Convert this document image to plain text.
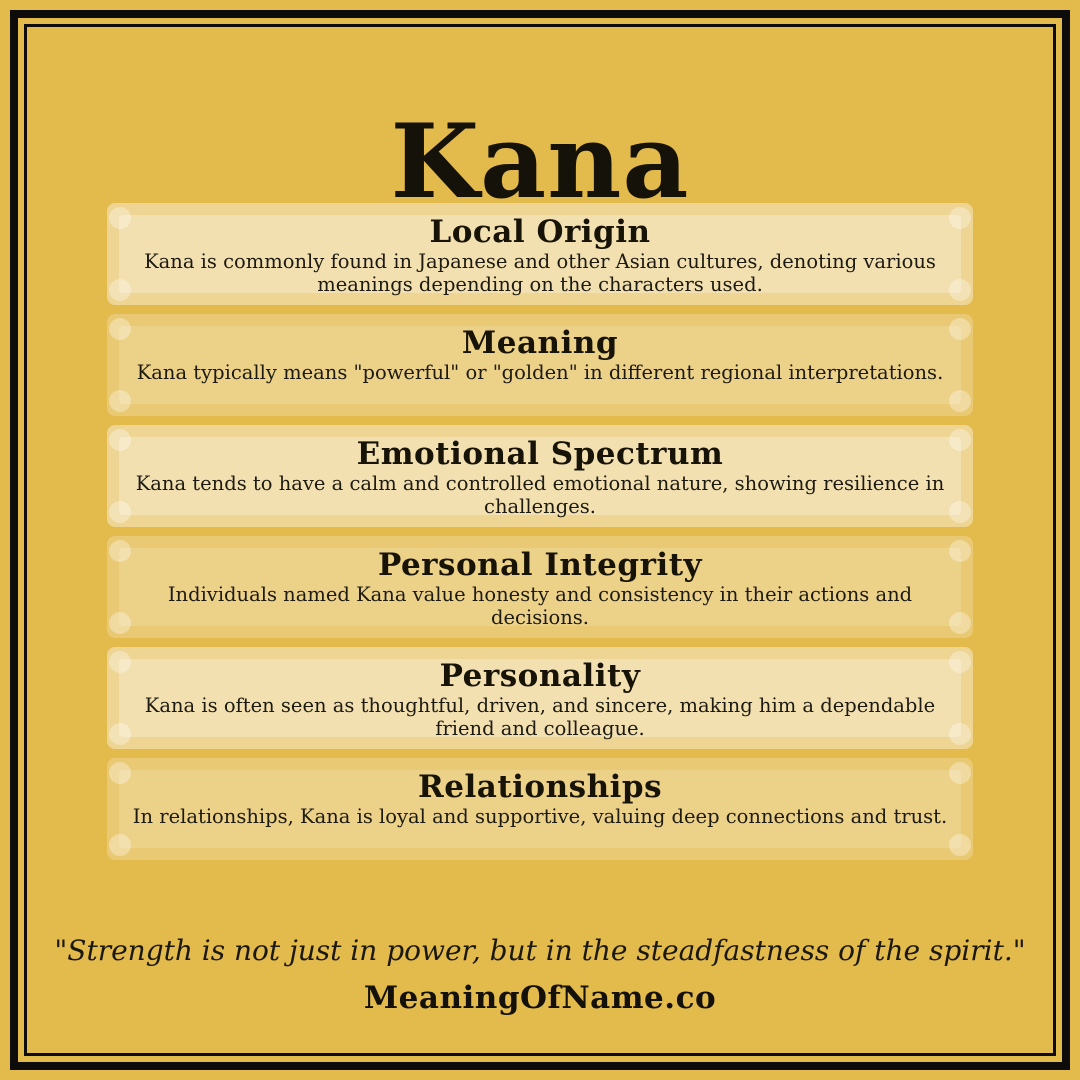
Kana
Local Origin
Kana is commonly found in Japanese and other Asian cultures, denoting various meanings depending on the characters used.
Meaning
Kana typically means "powerful" or "golden" in different regional interpretations.
Emotional Spectrum
Kana tends to have a calm and controlled emotional nature, showing resilience in challenges.
Personal Integrity
Individuals named Kana value honesty and consistency in their actions and decisions.
Personality
Kana is often seen as thoughtful, driven, and sincere, making him a dependable friend and colleague.
Relationships
In relationships, Kana is loyal and supportive, valuing deep connections and trust.
"Strength is not just in power, but in the steadfastness of the spirit."
MeaningOfName.co
